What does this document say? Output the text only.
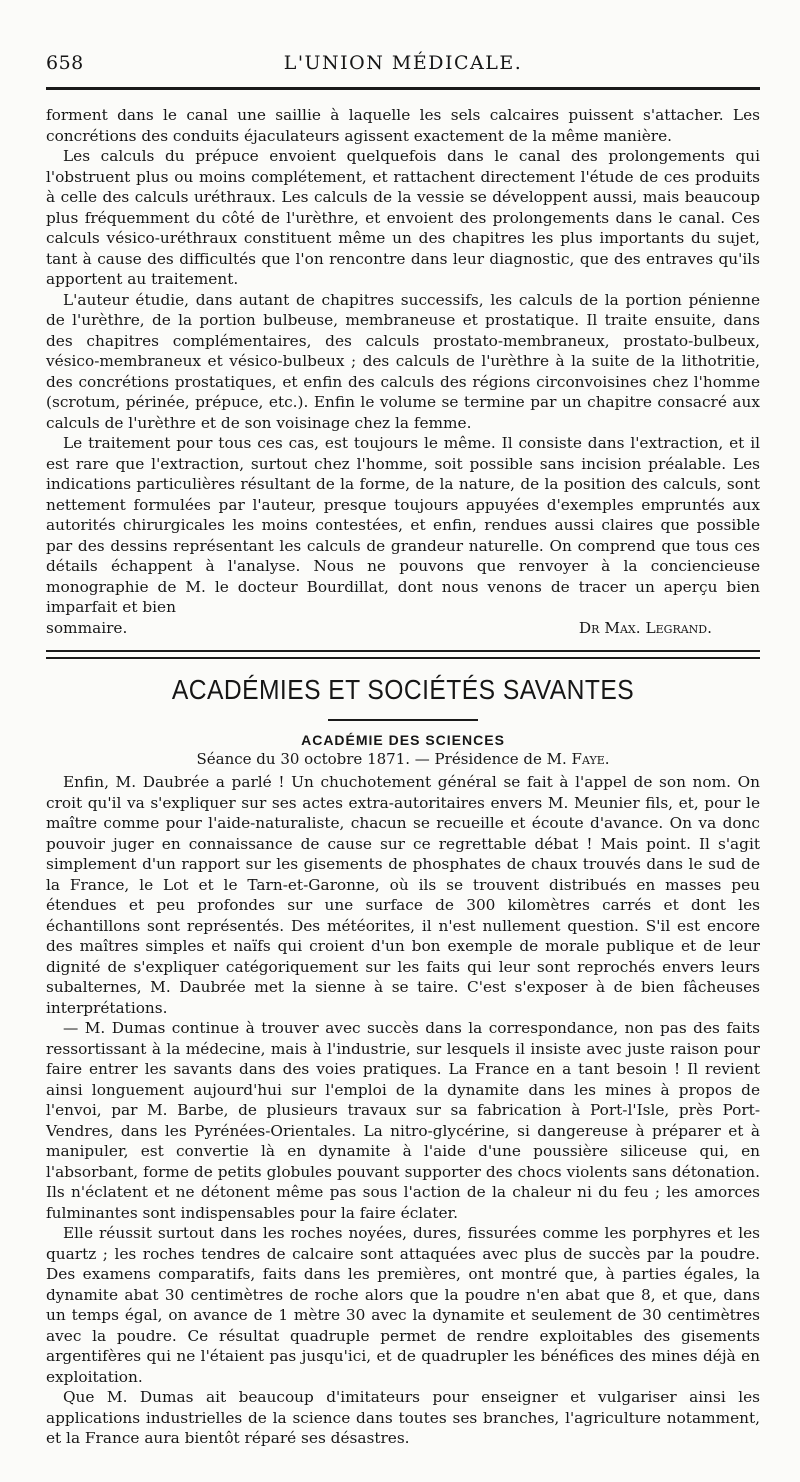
658	L'UNION MÉDICALE.

forment dans le canal une saillie à laquelle les sels calcaires puissent s'attacher. Les concrétions des conduits éjaculateurs agissent exactement de la même manière.

Les calculs du prépuce envoient quelquefois dans le canal des prolongements qui l'obstruent plus ou moins complétement, et rattachent directement l'étude de ces produits à celle des calculs uréthraux. Les calculs de la vessie se développent aussi, mais beaucoup plus fréquemment du côté de l'urèthre, et envoient des prolongements dans le canal. Ces calculs vésico-uréthraux constituent même un des chapitres les plus importants du sujet, tant à cause des difficultés que l'on rencontre dans leur diagnostic, que des entraves qu'ils apportent au traitement.

L'auteur étudie, dans autant de chapitres successifs, les calculs de la portion pénienne de l'urèthre, de la portion bulbeuse, membraneuse et prostatique. Il traite ensuite, dans des chapitres complémentaires, des calculs prostato-membraneux, prostato-bulbeux, vésico-membraneux et vésico-bulbeux ; des calculs de l'urèthre à la suite de la lithotritie, des concrétions prostatiques, et enfin des calculs des régions circonvoisines chez l'homme (scrotum, périnée, prépuce, etc.). Enfin le volume se termine par un chapitre consacré aux calculs de l'urèthre et de son voisinage chez la femme.

Le traitement pour tous ces cas, est toujours le même. Il consiste dans l'extraction, et il est rare que l'extraction, surtout chez l'homme, soit possible sans incision préalable. Les indications particulières résultant de la forme, de la nature, de la position des calculs, sont nettement formulées par l'auteur, presque toujours appuyées d'exemples empruntés aux autorités chirurgicales les moins contestées, et enfin, rendues aussi claires que possible par des dessins représentant les calculs de grandeur naturelle. On comprend que tous ces détails échappent à l'analyse. Nous ne pouvons que renvoyer à la conciencieuse monographie de M. le docteur Bourdillat, dont nous venons de tracer un aperçu bien imparfait et bien

sommaire.	Dr Max. Legrand.
ACADÉMIES ET SOCIÉTÉS SAVANTES
ACADÉMIE DES SCIENCES
Séance du 30 octobre 1871. — Présidence de M. Faye.

Enfin, M. Daubrée a parlé ! Un chuchotement général se fait à l'appel de son nom. On croit qu'il va s'expliquer sur ses actes extra-autoritaires envers M. Meunier fils, et, pour le maître comme pour l'aide-naturaliste, chacun se recueille et écoute d'avance. On va donc pouvoir juger en connaissance de cause sur ce regrettable débat ! Mais point. Il s'agit simplement d'un rapport sur les gisements de phosphates de chaux trouvés dans le sud de la France, le Lot et le Tarn-et-Garonne, où ils se trouvent distribués en masses peu étendues et peu profondes sur une surface de 300 kilomètres carrés et dont les échantillons sont représentés. Des météorites, il n'est nullement question. S'il est encore des maîtres simples et naïfs qui croient d'un bon exemple de morale publique et de leur dignité de s'expliquer catégoriquement sur les faits qui leur sont reprochés envers leurs subalternes, M. Daubrée met la sienne à se taire. C'est s'exposer à de bien fâcheuses interprétations.

— M. Dumas continue à trouver avec succès dans la correspondance, non pas des faits ressortissant à la médecine, mais à l'industrie, sur lesquels il insiste avec juste raison pour faire entrer les savants dans des voies pratiques. La France en a tant besoin ! Il revient ainsi longuement aujourd'hui sur l'emploi de la dynamite dans les mines à propos de l'envoi, par M. Barbe, de plusieurs travaux sur sa fabrication à Port-l'Isle, près Port-Vendres, dans les Pyrénées-Orientales. La nitro-glycérine, si dangereuse à préparer et à manipuler, est convertie là en dynamite à l'aide d'une poussière siliceuse qui, en l'absorbant, forme de petits globules pouvant supporter des chocs violents sans détonation. Ils n'éclatent et ne détonent même pas sous l'action de la chaleur ni du feu ; les amorces fulminantes sont indispensables pour la faire éclater.

Elle réussit surtout dans les roches noyées, dures, fissurées comme les porphyres et les quartz ; les roches tendres de calcaire sont attaquées avec plus de succès par la poudre. Des examens comparatifs, faits dans les premières, ont montré que, à parties égales, la dynamite abat 30 centimètres de roche alors que la poudre n'en abat que 8, et que, dans un temps égal, on avance de 1 mètre 30 avec la dynamite et seulement de 30 centimètres avec la poudre. Ce résultat quadruple permet de rendre exploitables des gisements argentifères qui ne l'étaient pas jusqu'ici, et de quadrupler les bénéfices des mines déjà en exploitation.

Que M. Dumas ait beaucoup d'imitateurs pour enseigner et vulgariser ainsi les applications industrielles de la science dans toutes ses branches, l'agriculture notamment, et la France aura bientôt réparé ses désastres.
